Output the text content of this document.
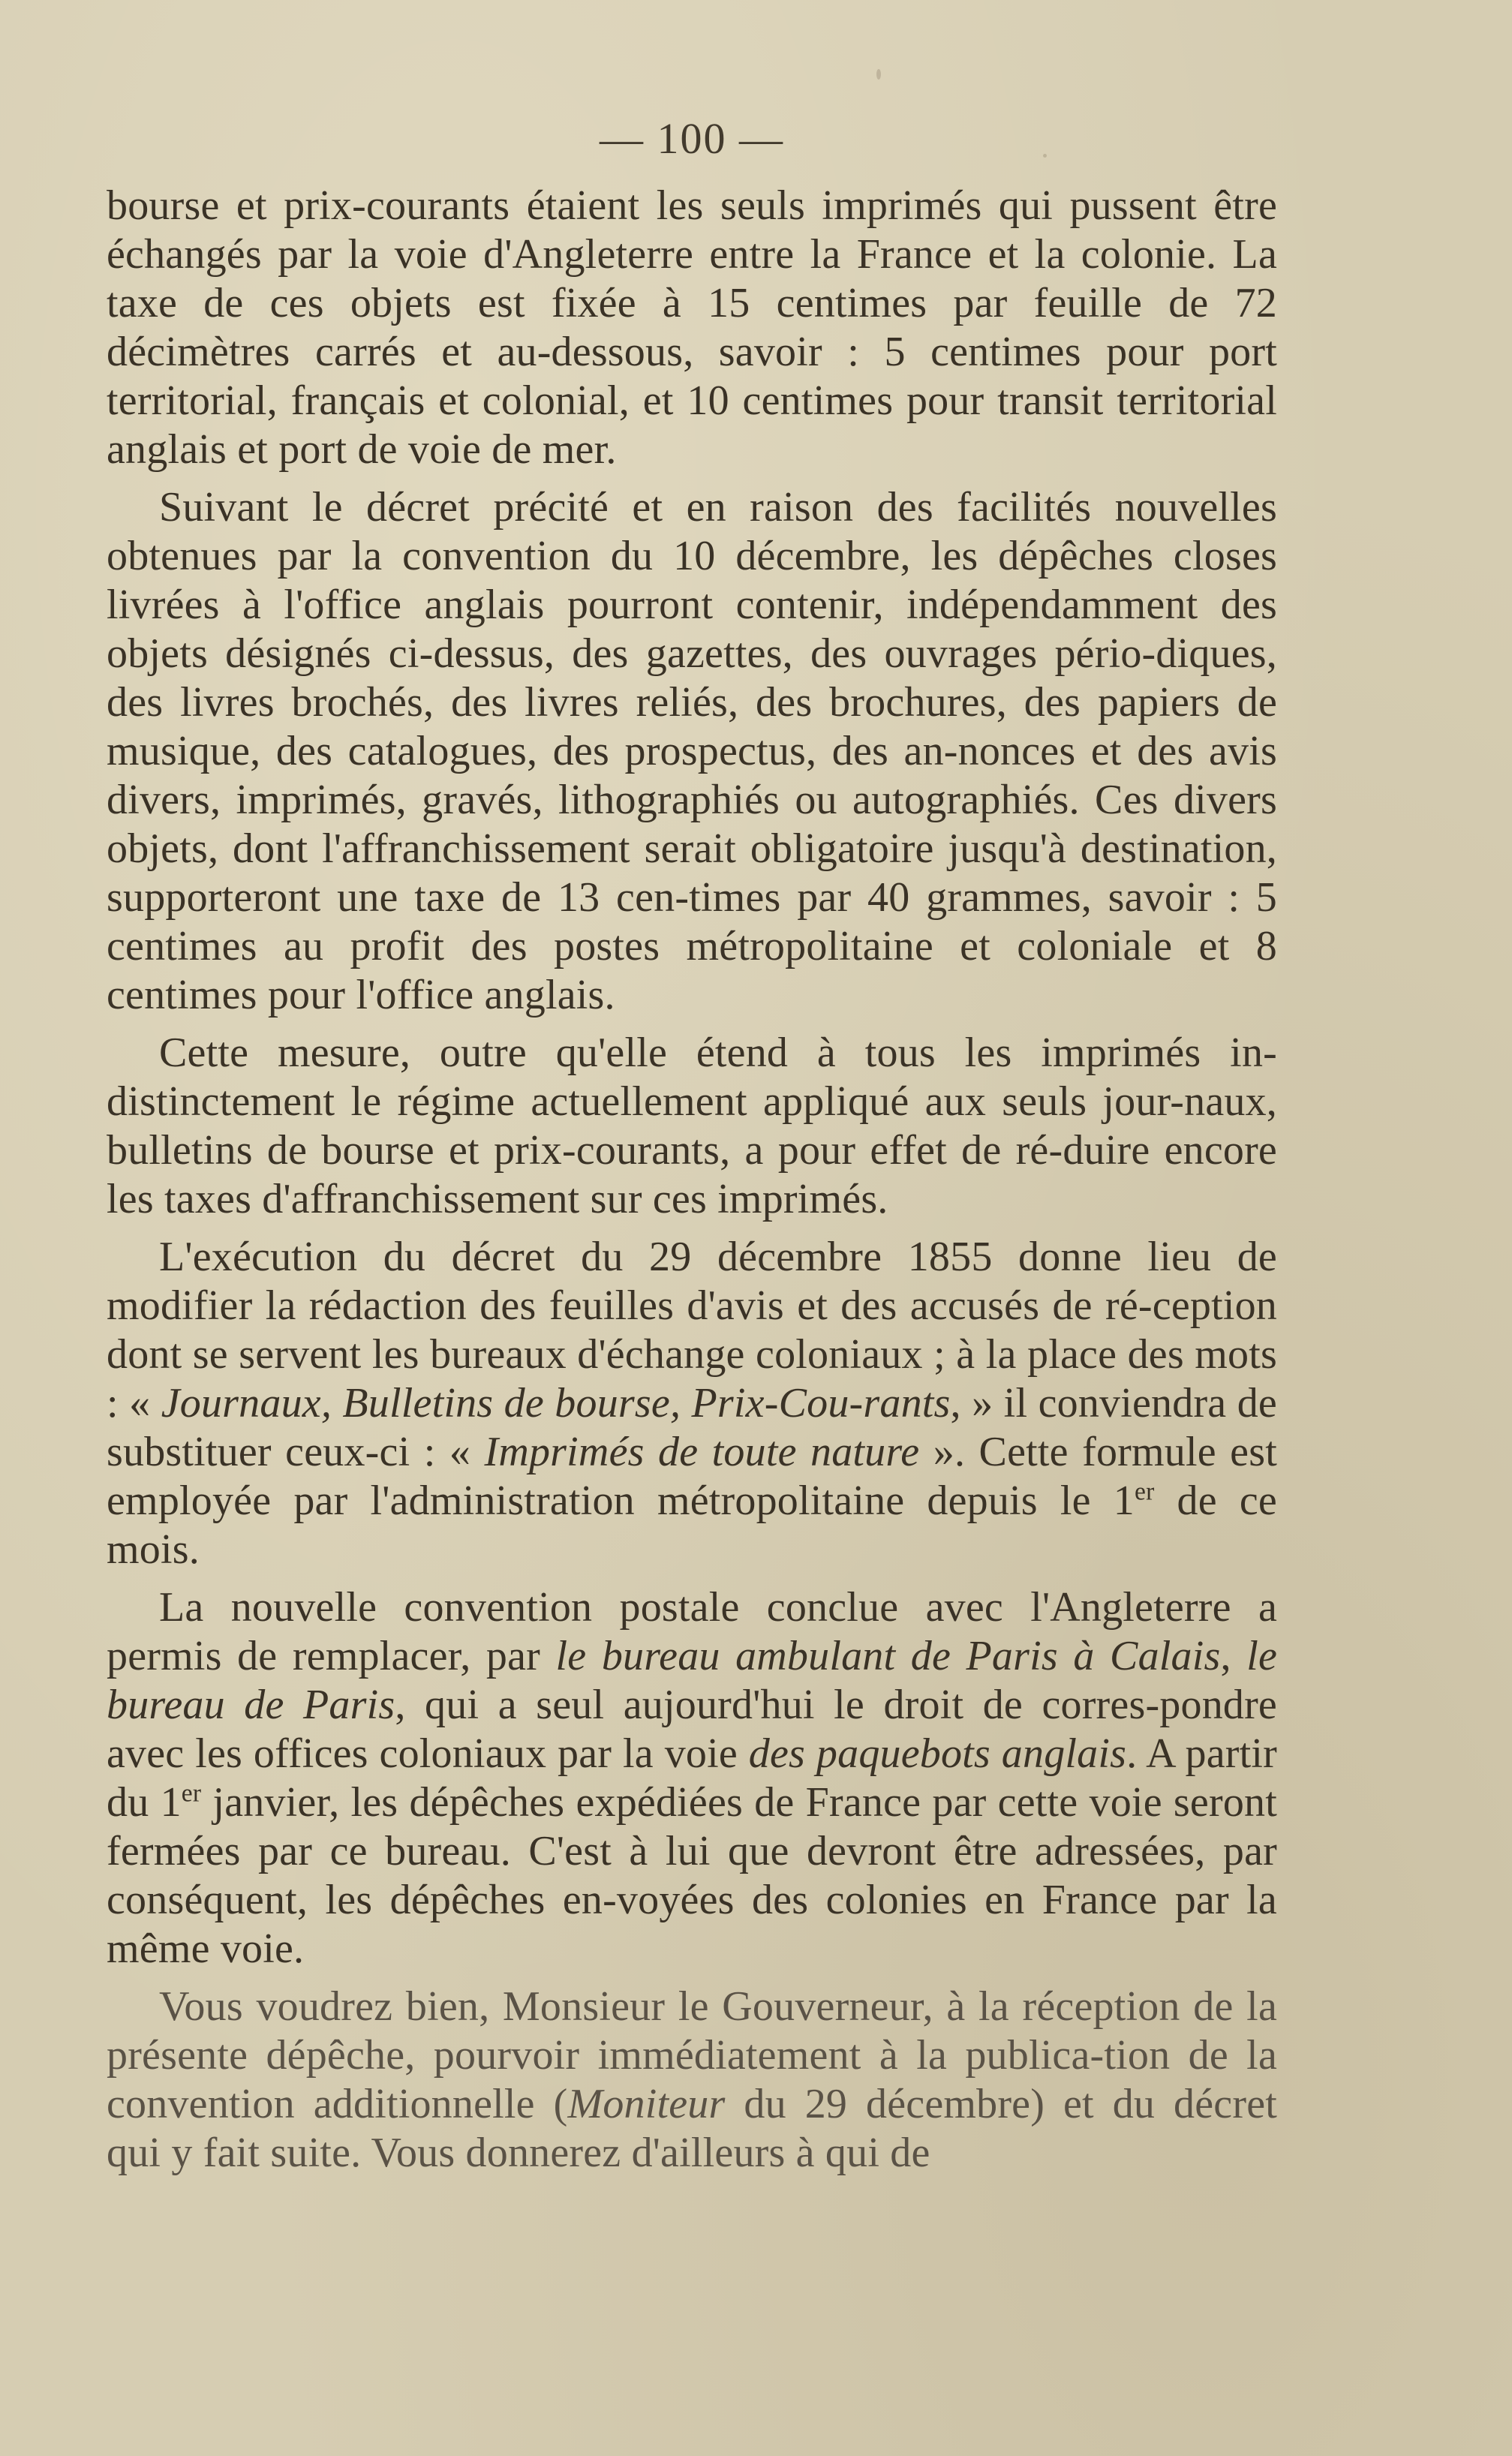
— 100 —

bourse et prix-courants étaient les seuls imprimés qui pussent être échangés par la voie d'Angleterre entre la France et la colonie. La taxe de ces objets est fixée à 15 centimes par feuille de 72 décimètres carrés et au-dessous, savoir : 5 centimes pour port territorial, français et colonial, et 10 centimes pour transit territorial anglais et port de voie de mer.

Suivant le décret précité et en raison des facilités nouvelles obtenues par la convention du 10 décembre, les dépêches closes livrées à l'office anglais pourront contenir, indépendamment des objets désignés ci-dessus, des gazettes, des ouvrages pério-diques, des livres brochés, des livres reliés, des brochures, des papiers de musique, des catalogues, des prospectus, des an-nonces et des avis divers, imprimés, gravés, lithographiés ou autographiés. Ces divers objets, dont l'affranchissement serait obligatoire jusqu'à destination, supporteront une taxe de 13 cen-times par 40 grammes, savoir : 5 centimes au profit des postes métropolitaine et coloniale et 8 centimes pour l'office anglais.

Cette mesure, outre qu'elle étend à tous les imprimés in-distinctement le régime actuellement appliqué aux seuls jour-naux, bulletins de bourse et prix-courants, a pour effet de ré-duire encore les taxes d'affranchissement sur ces imprimés.

L'exécution du décret du 29 décembre 1855 donne lieu de modifier la rédaction des feuilles d'avis et des accusés de ré-ception dont se servent les bureaux d'échange coloniaux ; à la place des mots : « Journaux, Bulletins de bourse, Prix-Cou-rants, » il conviendra de substituer ceux-ci : « Imprimés de toute nature ». Cette formule est employée par l'administration métropolitaine depuis le 1er de ce mois.

La nouvelle convention postale conclue avec l'Angleterre a permis de remplacer, par le bureau ambulant de Paris à Calais, le bureau de Paris, qui a seul aujourd'hui le droit de corres-pondre avec les offices coloniaux par la voie des paquebots anglais. A partir du 1er janvier, les dépêches expédiées de France par cette voie seront fermées par ce bureau. C'est à lui que devront être adressées, par conséquent, les dépêches en-voyées des colonies en France par la même voie.

Vous voudrez bien, Monsieur le Gouverneur, à la réception de la présente dépêche, pourvoir immédiatement à la publica-tion de la convention additionnelle (Moniteur du 29 décembre) et du décret qui y fait suite. Vous donnerez d'ailleurs à qui de
